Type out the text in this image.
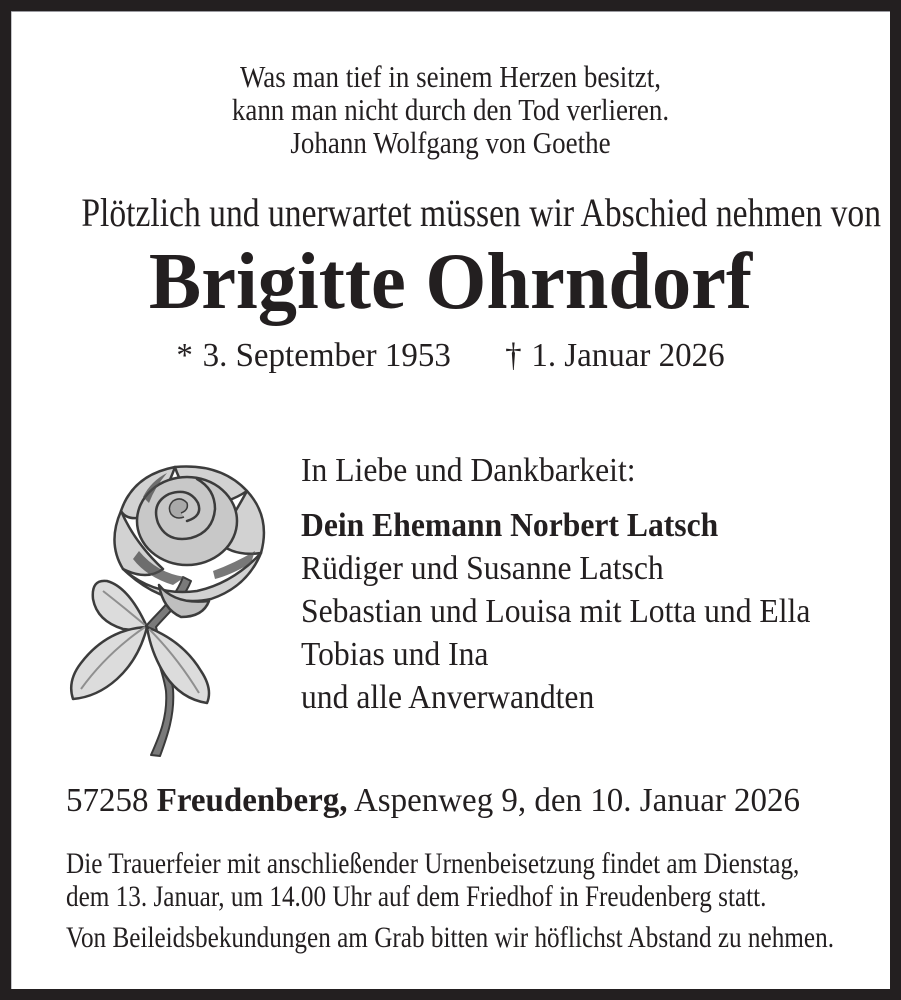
Was man tief in seinem Herzen besitzt,
kann man nicht durch den Tod verlieren.
Johann Wolfgang von Goethe
Plötzlich und unerwartet müssen wir Abschied nehmen von
Brigitte Ohrndorf
* 3. September 1953 † 1. Januar 2026
In Liebe und Dankbarkeit:
Dein Ehemann Norbert Latsch
Rüdiger und Susanne Latsch
Sebastian und Louisa mit Lotta und Ella
Tobias und Ina
und alle Anverwandten
57258 Freudenberg, Aspenweg 9, den 10. Januar 2026
Die Trauerfeier mit anschließender Urnenbeisetzung findet am Dienstag,
dem 13. Januar, um 14.00 Uhr auf dem Friedhof in Freudenberg statt.
Von Beileidsbekundungen am Grab bitten wir höflichst Abstand zu nehmen.
